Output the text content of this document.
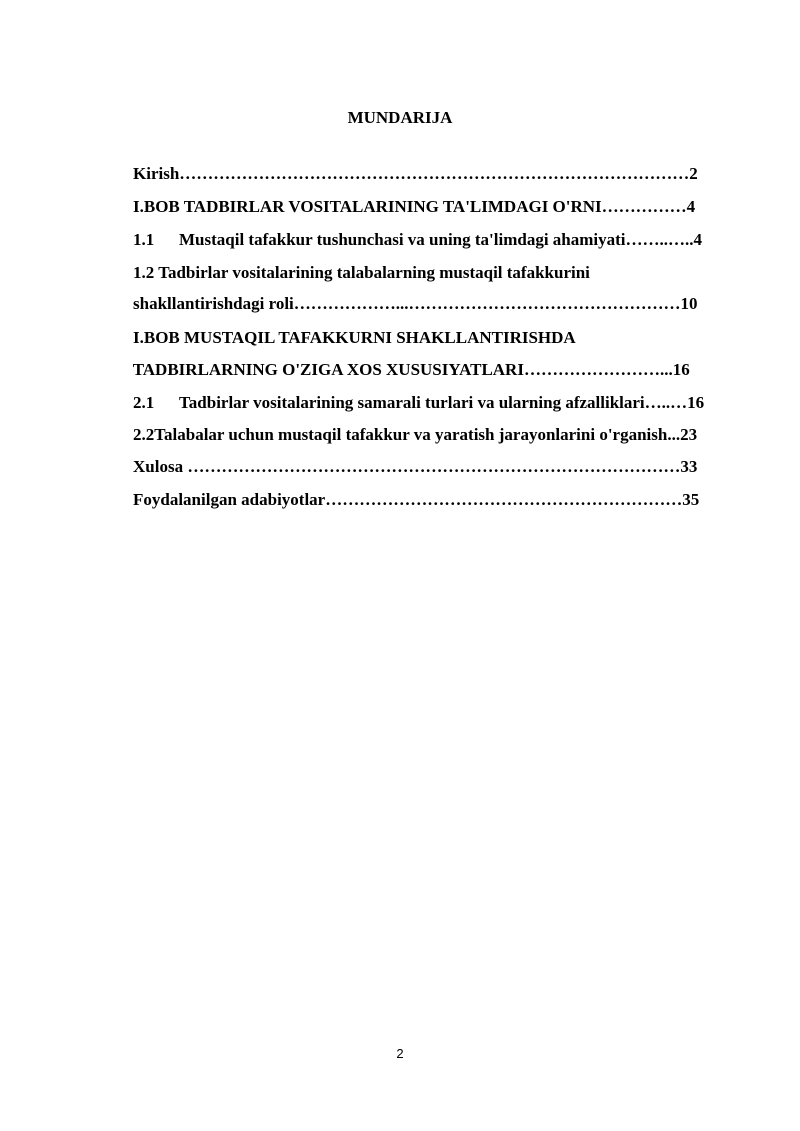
MUNDARIJA

Kirish………………………………………………………………………………2

I.BOB TADBIRLAR VOSITALARINING TA'LIMDAGI O'RNI……………4

1.1 Mustaqil tafakkur tushunchasi va uning ta'limdagi ahamiyati……..…..4

1.2 Tadbirlar vositalarining talabalarning mustaqil tafakkurini

shakllantirishdagi roli………………...…………………………………………10

I.BOB MUSTAQIL TAFAKKURNI SHAKLLANTIRISHDA

TADBIRLARNING O'ZIGA XOS XUSUSIYATLARI……………………...16

2.1 Tadbirlar vositalarining samarali turlari va ularning afzalliklari…..…16

2.2Talabalar uchun mustaqil tafakkur va yaratish jarayonlarini o'rganish...23

Xulosa ……………………………………………………………………………33

Foydalanilgan adabiyotlar………………………………………………………35

2
